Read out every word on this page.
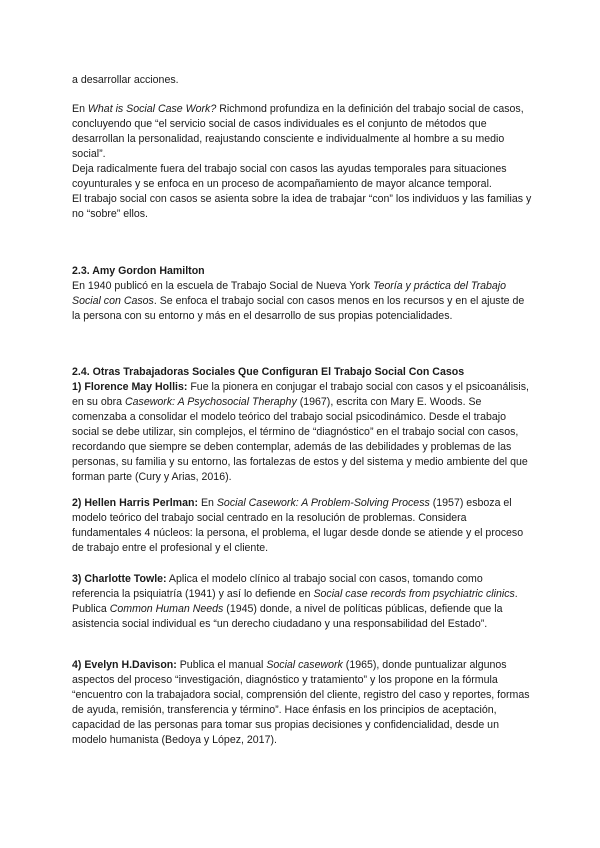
a desarrollar acciones.

En What is Social Case Work? Richmond profundiza en la definición del trabajo social de casos, concluyendo que “el servicio social de casos individuales es el conjunto de métodos que desarrollan la personalidad, reajustando consciente e individualmente al hombre a su medio social”.
Deja radicalmente fuera del trabajo social con casos las ayudas temporales para situaciones coyunturales y se enfoca en un proceso de acompañamiento de mayor alcance temporal.
El trabajo social con casos se asienta sobre la idea de trabajar “con” los individuos y las familias y no “sobre” ellos.

2.3. Amy Gordon Hamilton

En 1940 publicó en la escuela de Trabajo Social de Nueva York Teoría y práctica del Trabajo Social con Casos. Se enfoca el trabajo social con casos menos en los recursos y en el ajuste de la persona con su entorno y más en el desarrollo de sus propias potencialidades.

2.4. Otras Trabajadoras Sociales Que Configuran El Trabajo Social Con Casos

1) Florence May Hollis: Fue la pionera en conjugar el trabajo social con casos y el psicoanálisis, en su obra Casework: A Psychosocial Theraphy (1967), escrita con Mary E. Woods. Se comenzaba a consolidar el modelo teórico del trabajo social psicodinámico. Desde el trabajo social se debe utilizar, sin complejos, el término de “diagnóstico” en el trabajo social con casos, recordando que siempre se deben contemplar, además de las debilidades y problemas de las personas, su familia y su entorno, las fortalezas de estos y del sistema y medio ambiente del que forman parte (Cury y Arias, 2016).

2) Hellen Harris Perlman: En Social Casework: A Problem-Solving Process (1957) esboza el modelo teórico del trabajo social centrado en la resolución de problemas. Considera fundamentales 4 núcleos: la persona, el problema, el lugar desde donde se atiende y el proceso de trabajo entre el profesional y el cliente.

3) Charlotte Towle: Aplica el modelo clínico al trabajo social con casos, tomando como referencia la psiquiatría (1941) y así lo defiende en Social case records from psychiatric clinics. Publica Common Human Needs (1945) donde, a nivel de políticas públicas, defiende que la asistencia social individual es “un derecho ciudadano y una responsabilidad del Estado”.

4) Evelyn H.Davison: Publica el manual Social casework (1965), donde puntualizar algunos aspectos del proceso “investigación, diagnóstico y tratamiento” y los propone en la fórmula “encuentro con la trabajadora social, comprensión del cliente, registro del caso y reportes, formas de ayuda, remisión, transferencia y término”. Hace énfasis en los principios de aceptación, capacidad de las personas para tomar sus propias decisiones y confidencialidad, desde un modelo humanista (Bedoya y López, 2017).
